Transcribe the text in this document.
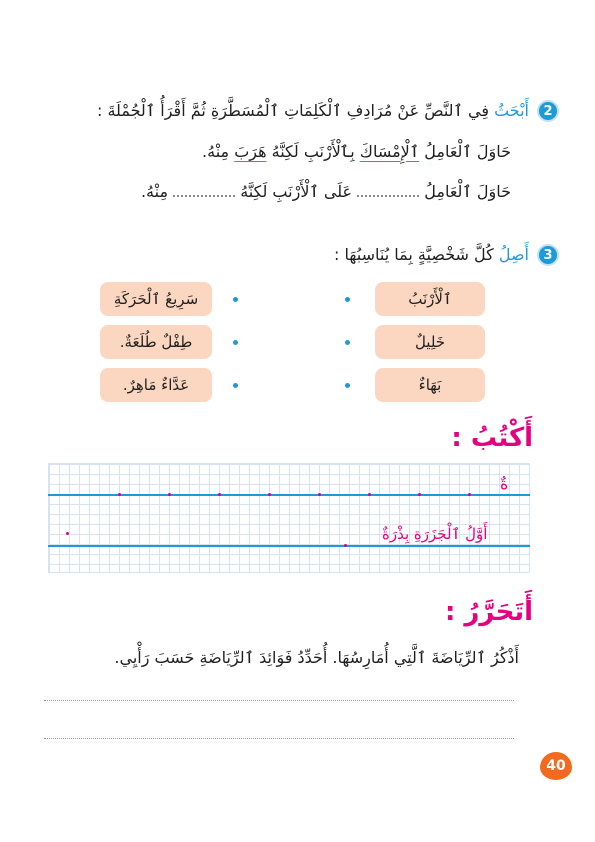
2
أَبْحَثُ فِي ٱلنَّصِّ عَنْ مُرَادِفِ ٱلْكَلِمَاتِ ٱلْمُسَطَّرَةِ ثُمَّ أَقْرَأُ ٱلْجُمْلَةَ :
حَاوَلَ ٱلْعَامِلُ ٱلْإِمْسَاكَ بِٱلْأَرْنَبِ لَكِنَّهُ هَرَبَ مِنْهُ.
حَاوَلَ ٱلْعَامِلُ  عَلَى ٱلْأَرْنَبِ لَكِنَّهُ  مِنْهُ.
3
أَصِلُ كُلَّ شَخْصِيَّةٍ بِمَا يُنَاسِبُهَا :
ٱلْأَرْنَبُ
خَلِيلٌ
بَهَاءٌ
سَرِيعُ ٱلْحَرَكَةِ
طِفْلٌ طُلَعَةٌ.
عَدَّاءٌ مَاهِرٌ.
أَكْتُبُ :
ةٌ
أَوَّلُ ٱلْجَزَرَةِ بِذْرَةٌ
أَتَحَرَّرُ :
أَذْكُرُ ٱلرِّيَاضَةَ ٱلَّتِي أُمَارِسُهَا. أُحَدِّدُ فَوَائِدَ ٱلرِّيَاضَةِ حَسَبَ رَأْيِي.
40
